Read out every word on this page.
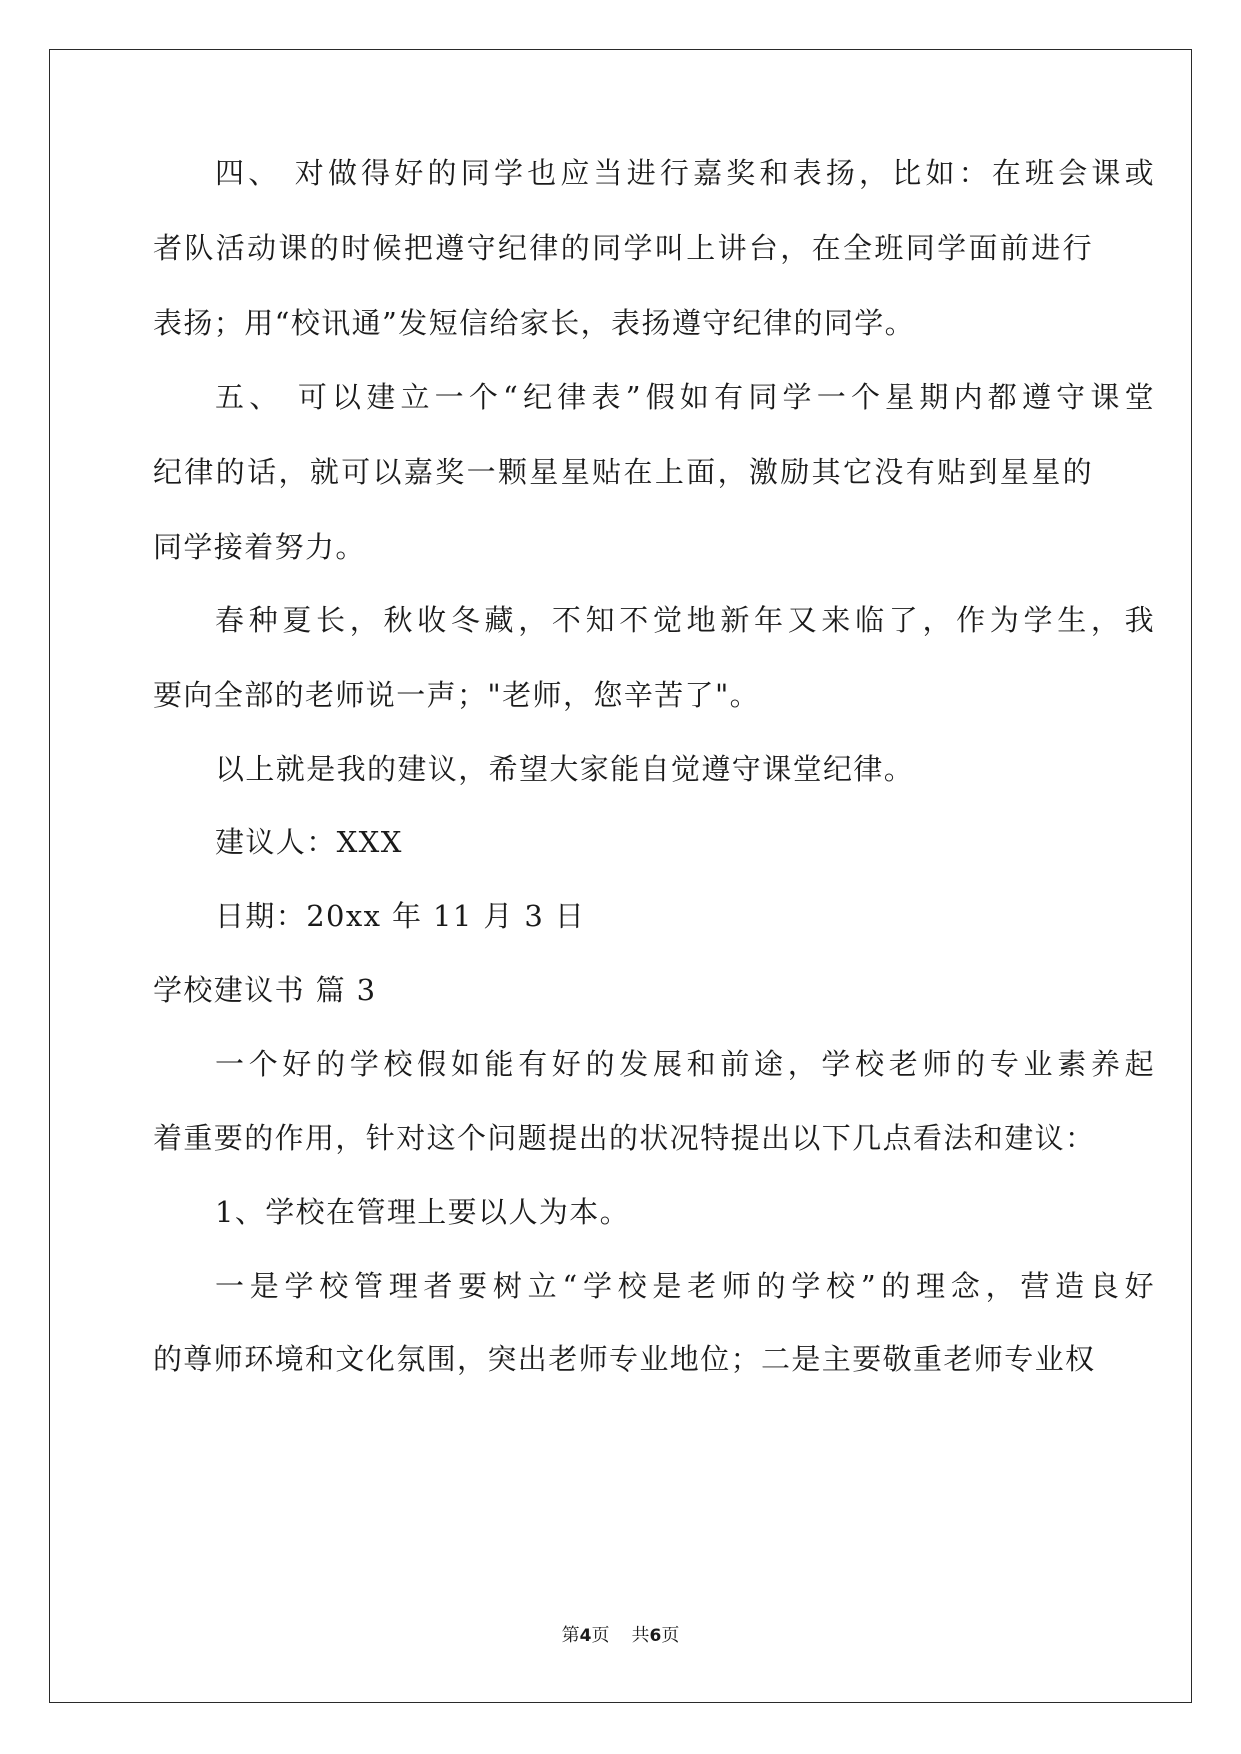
四、 对做得好的同学也应当进行嘉奖和表扬，比如：在班会课或
者队活动课的时候把遵守纪律的同学叫上讲台，在全班同学面前进行
表扬；用“校讯通”发短信给家长，表扬遵守纪律的同学。
五、 可以建立一个“纪律表”假如有同学一个星期内都遵守课堂
纪律的话，就可以嘉奖一颗星星贴在上面，激励其它没有贴到星星的
同学接着努力。
春种夏长，秋收冬藏，不知不觉地新年又来临了，作为学生，我
要向全部的老师说一声；"老师，您辛苦了"。
以上就是我的建议，希望大家能自觉遵守课堂纪律。
建议人：XXX
日期：20xx 年 11 月 3 日
学校建议书 篇 3
一个好的学校假如能有好的发展和前途，学校老师的专业素养起
着重要的作用，针对这个问题提出的状况特提出以下几点看法和建议：
1、学校在管理上要以人为本。
一是学校管理者要树立“学校是老师的学校”的理念，营造良好
的尊师环境和文化氛围，突出老师专业地位；二是主要敬重老师专业权
第4页 共6页
